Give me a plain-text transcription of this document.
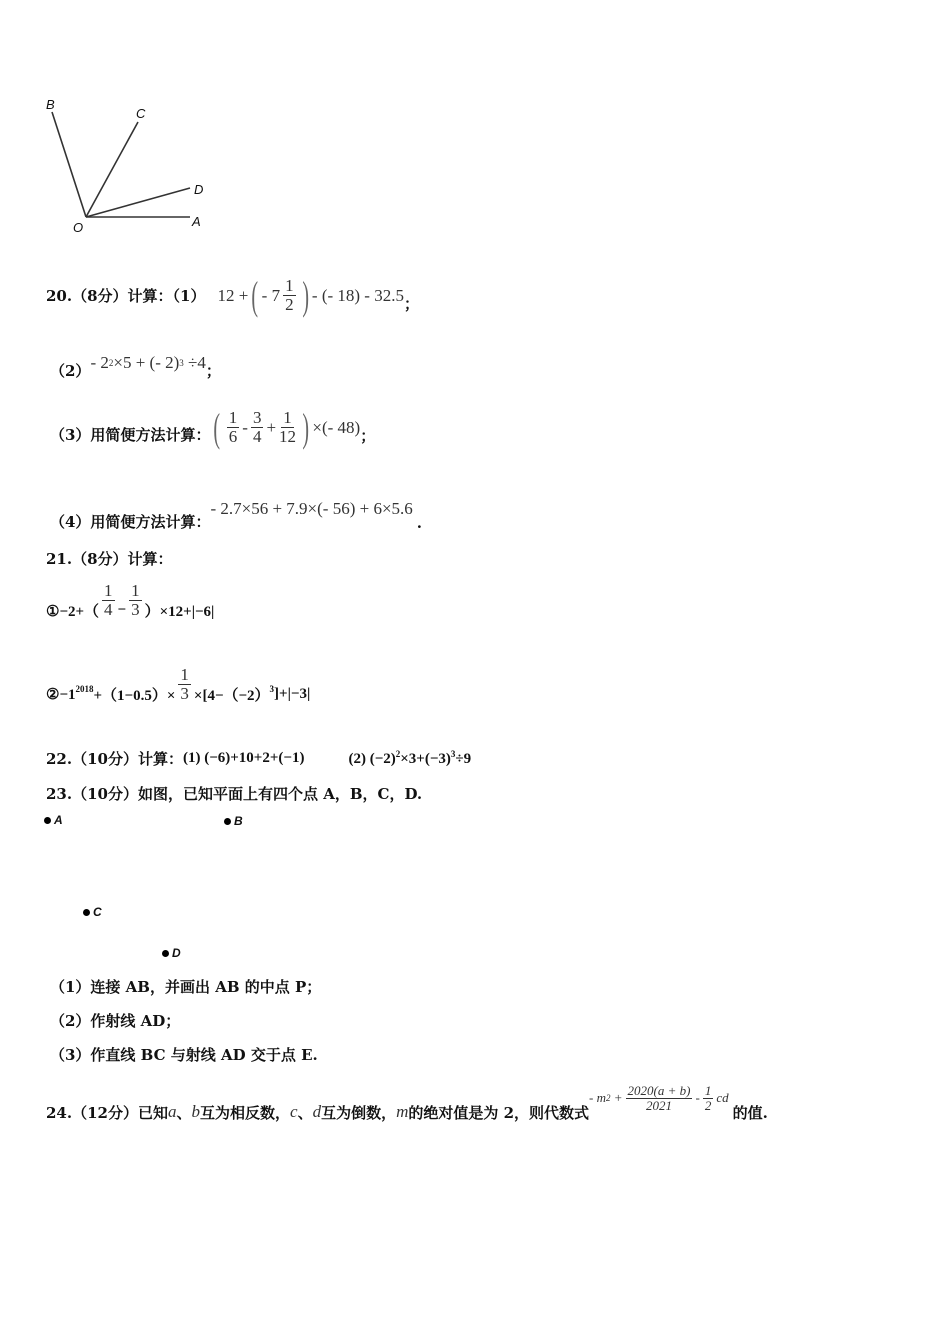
B
C
D
O	A
20.（8分）计算：（1） 12 + ( - $7 \frac{1}{2}$ ) - (- 18) - 32.5 ；
（2） - 2 2 ×5 + (- 2) 3
÷4 ；
（3）用简便方法计算： ( $\frac{1}{6} - \frac{3}{4} + \frac{1}{12}$ ) ×(- 48) ；
（4）用简便方法计算：
- 2.7×56 + 7.9×(- 56) + 6×5.6
.
21.（8分）计算：
①−2+（ $\frac{1}{4} - \frac{1}{3} )\times 12+|-6|$
$②-1^{2018} +(1-0.5)\times \frac{1}{3} \times[4-(-2)^3$ ]+|−3|
22.（10分）计算： (1) (−6)+10+2+(−1)	(2) $(-2)^2\times 3+(-3)^3\div 9$
23.（10分）如图，已知平面上有四个点 A，B，C，D.
A	B
C
D
（1）连接 AB，并画出 AB 的中点 P；
（2）作射线 AD；
（3）作直线 BC 与射线 AD 交于点 E.
24.（12分）已知 a 、 b 互为相反数， c 、 d 互为倒数， m 的绝对值是为 2，则代数式
- m 2
+ $\frac{2020(a + b)}{2021} - \frac{1}{2}$ cd
的值.
